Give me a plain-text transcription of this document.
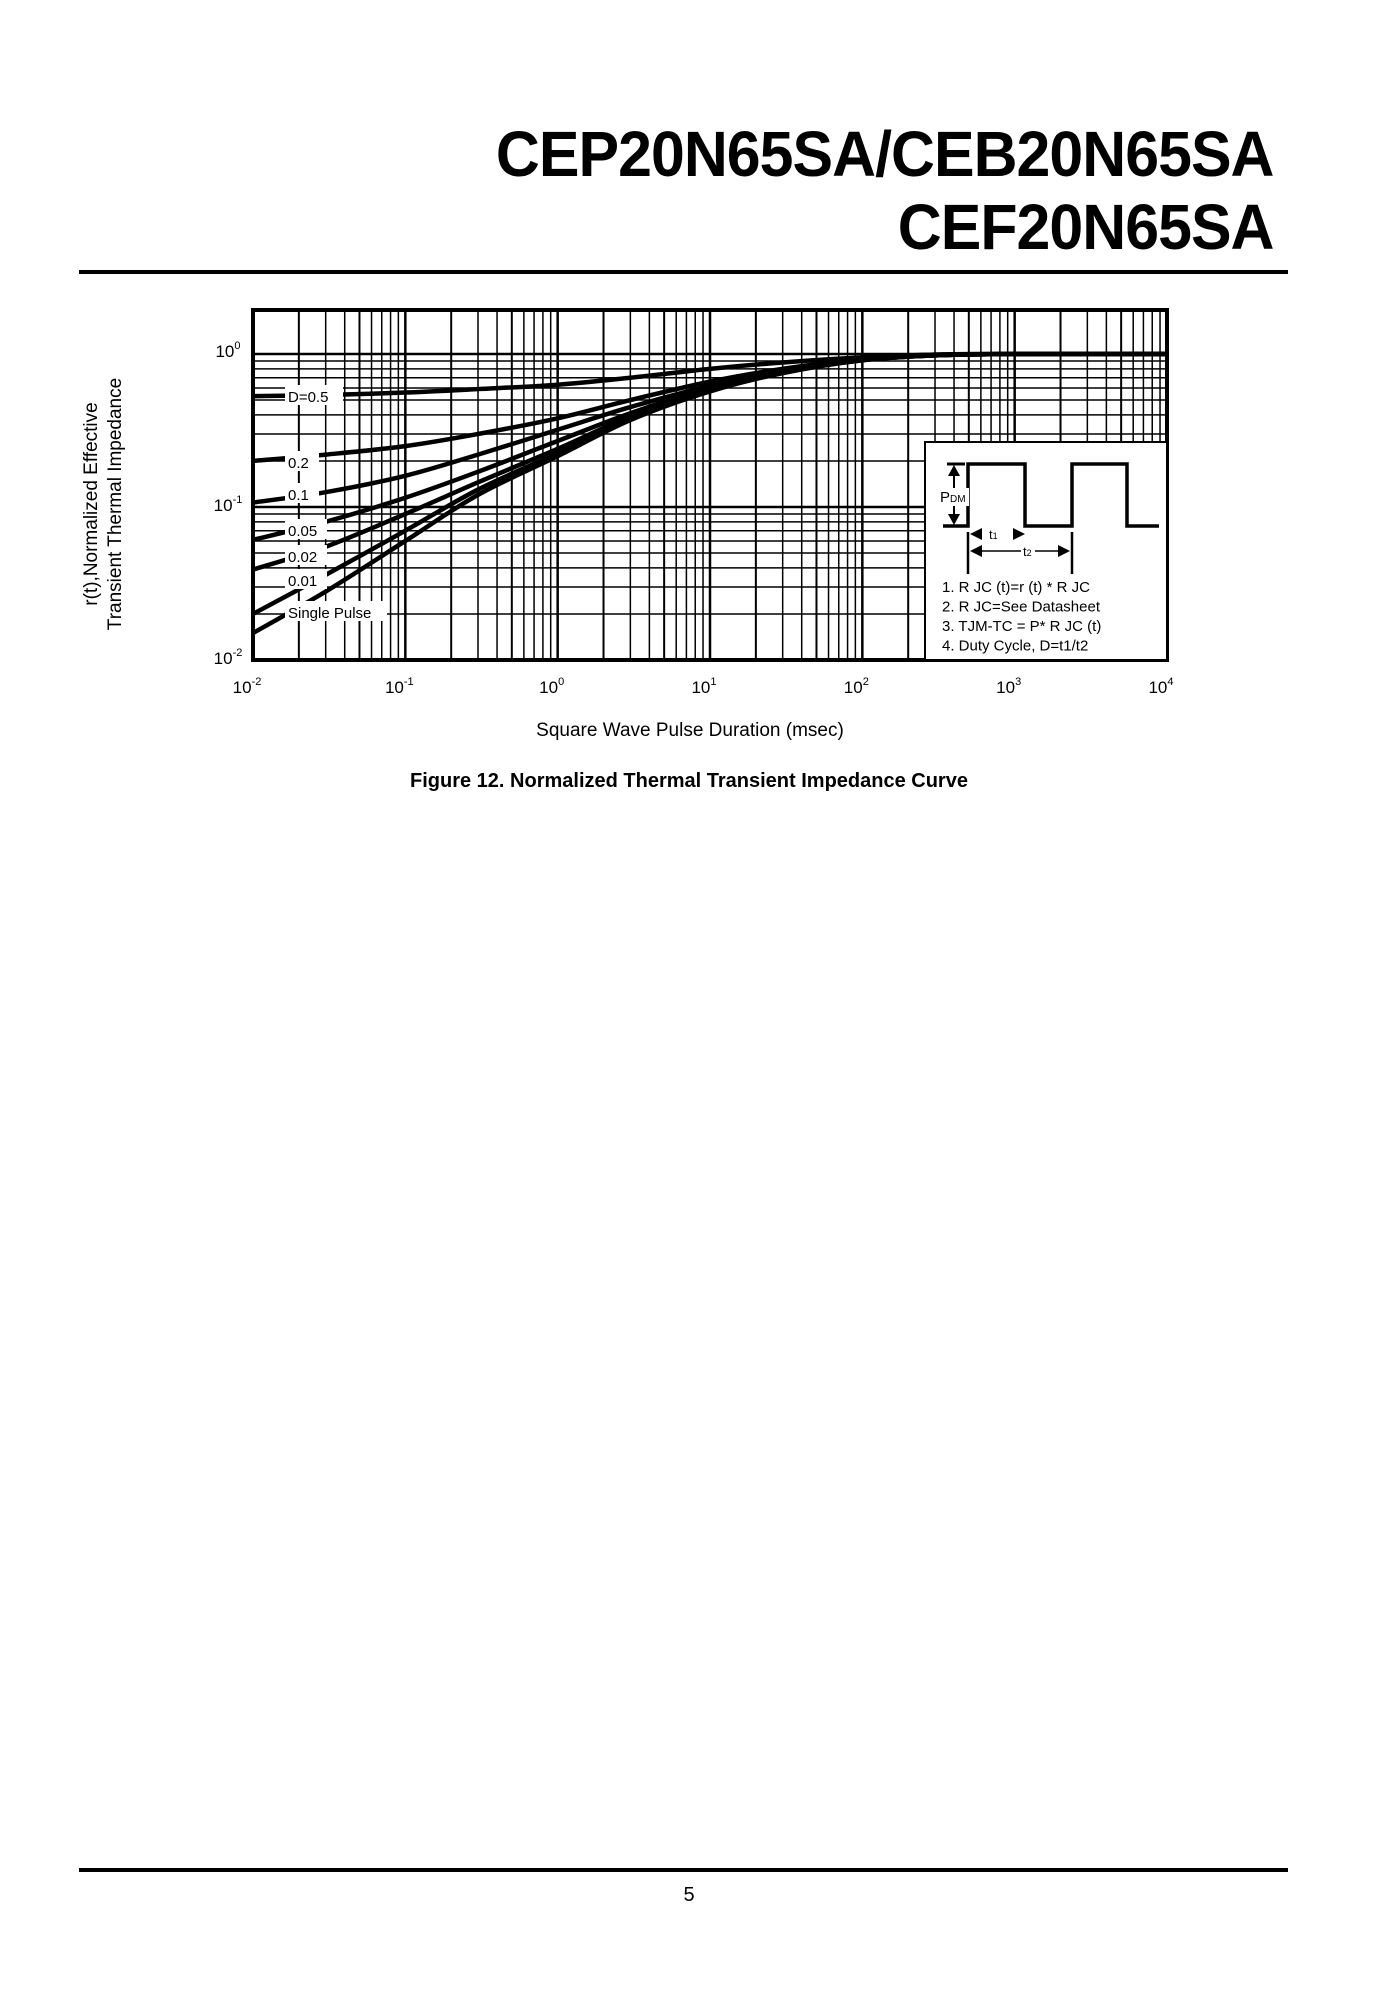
CEP20N65SA/CEB20N65SA
CEF20N65SA
D=0.5
0.2
0.1
0.05
0.02
0.01
Single Pulse
PDM
t1
t2
1. R JC (t)=r (t) * R JC
2. R JC=See Datasheet
3. TJM-TC = P* R JC (t)
4. Duty Cycle, D=t1/t2
$10^{-2}$	$10^{-1}$	$10^0$	$10^1$	$10^2$	$10^3$	$10^4$
$10^0$
$10^{-1}$
$10^{-2}$
Square Wave Pulse Duration (msec)
r(t),Normalized Effective Transient Thermal Impedance
Figure 12. Normalized Thermal Transient Impedance Curve
5
